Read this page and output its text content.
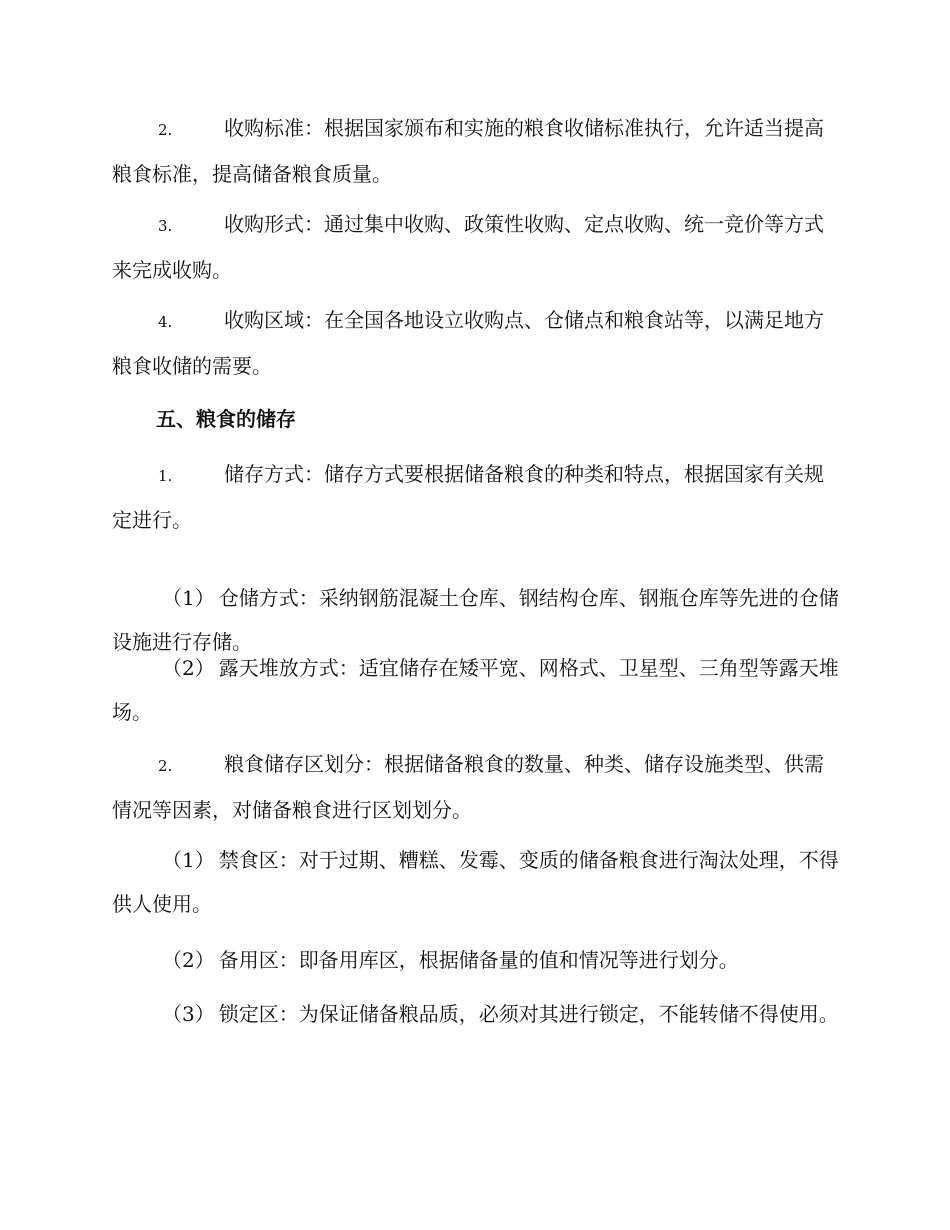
2.	收购标准：根据国家颁布和实施的粮食收储标准执行，允许适当提高粮食标准，提高储备粮食质量。

3.	收购形式：通过集中收购、政策性收购、定点收购、统一竞价等方式来完成收购。

4.	收购区域：在全国各地设立收购点、仓储点和粮食站等，以满足地方粮食收储的需要。

五、粮食的储存

1.	储存方式：储存方式要根据储备粮食的种类和特点，根据国家有关规定进行。

（1） 仓储方式：采纳钢筋混凝土仓库、钢结构仓库、钢瓶仓库等先进的仓储设施进行存储。

（2） 露天堆放方式：适宜储存在矮平宽、网格式、卫星型、三角型等露天堆场。

2.	粮食储存区划分：根据储备粮食的数量、种类、储存设施类型、供需情况等因素，对储备粮食进行区划划分。

（1） 禁食区：对于过期、糟糕、发霉、变质的储备粮食进行淘汰处理，不得供人使用。

（2） 备用区：即备用库区，根据储备量的值和情况等进行划分。

（3） 锁定区：为保证储备粮品质，必须对其进行锁定，不能转储不得使用。
